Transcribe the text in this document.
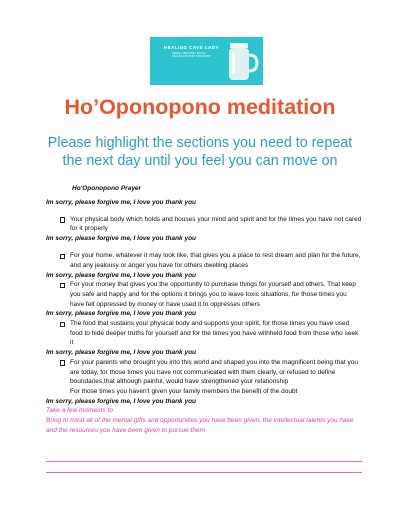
HEALING CAVE LADY
RENEW • RESTORE • REVIVE
HEALING FOR BODY MIND SPIRIT
Ho’Oponopono meditation
Please highlight the sections you need to repeat
the next day until you feel you can move on
Ho'Oponopono Prayer
Im sorry, please forgive me, I love you thank you
Your physical body which holds and houses your mind and spirit and for the times you have not cared for it properly
Im sorry, please forgive me, I love you thank you
For your home, whatever it may look like, that gives you a place to rest dream and plan for the future, and any jealousy or anger you have for others dwelling places
Im sorry, please forgive me, I love you thank you
For your money that gives you the opportunity to purchase things for yourself and others. That keep you safe and happy and for the options it brings you to leave toxic situations, for those times you have felt oppressed by money or have used it to oppresses others
Im sorry, please forgive me, I love you thank you
The food that sustains your physical body and supports your spirit, for those times you have used food to hide deeper truths for yourself and for the times you have withheld food from those who seek it
Im sorry, please forgive me, I love you thank you
For your parents who brought you into this world and shaped you into the magnificent being that you are today, for those times you have not communicated with them clearly, or refused to define boundaries,that although painful, would have strengthened your relationship
For those times you haven't given your family members the benefit of the doubt
Im sorry, please forgive me, I love you thank you
Take a few moments to
Bring to mind all of the mental gifts and opportunities you have been given, the intellectual talents you have and the resources you have been given to pursue them
